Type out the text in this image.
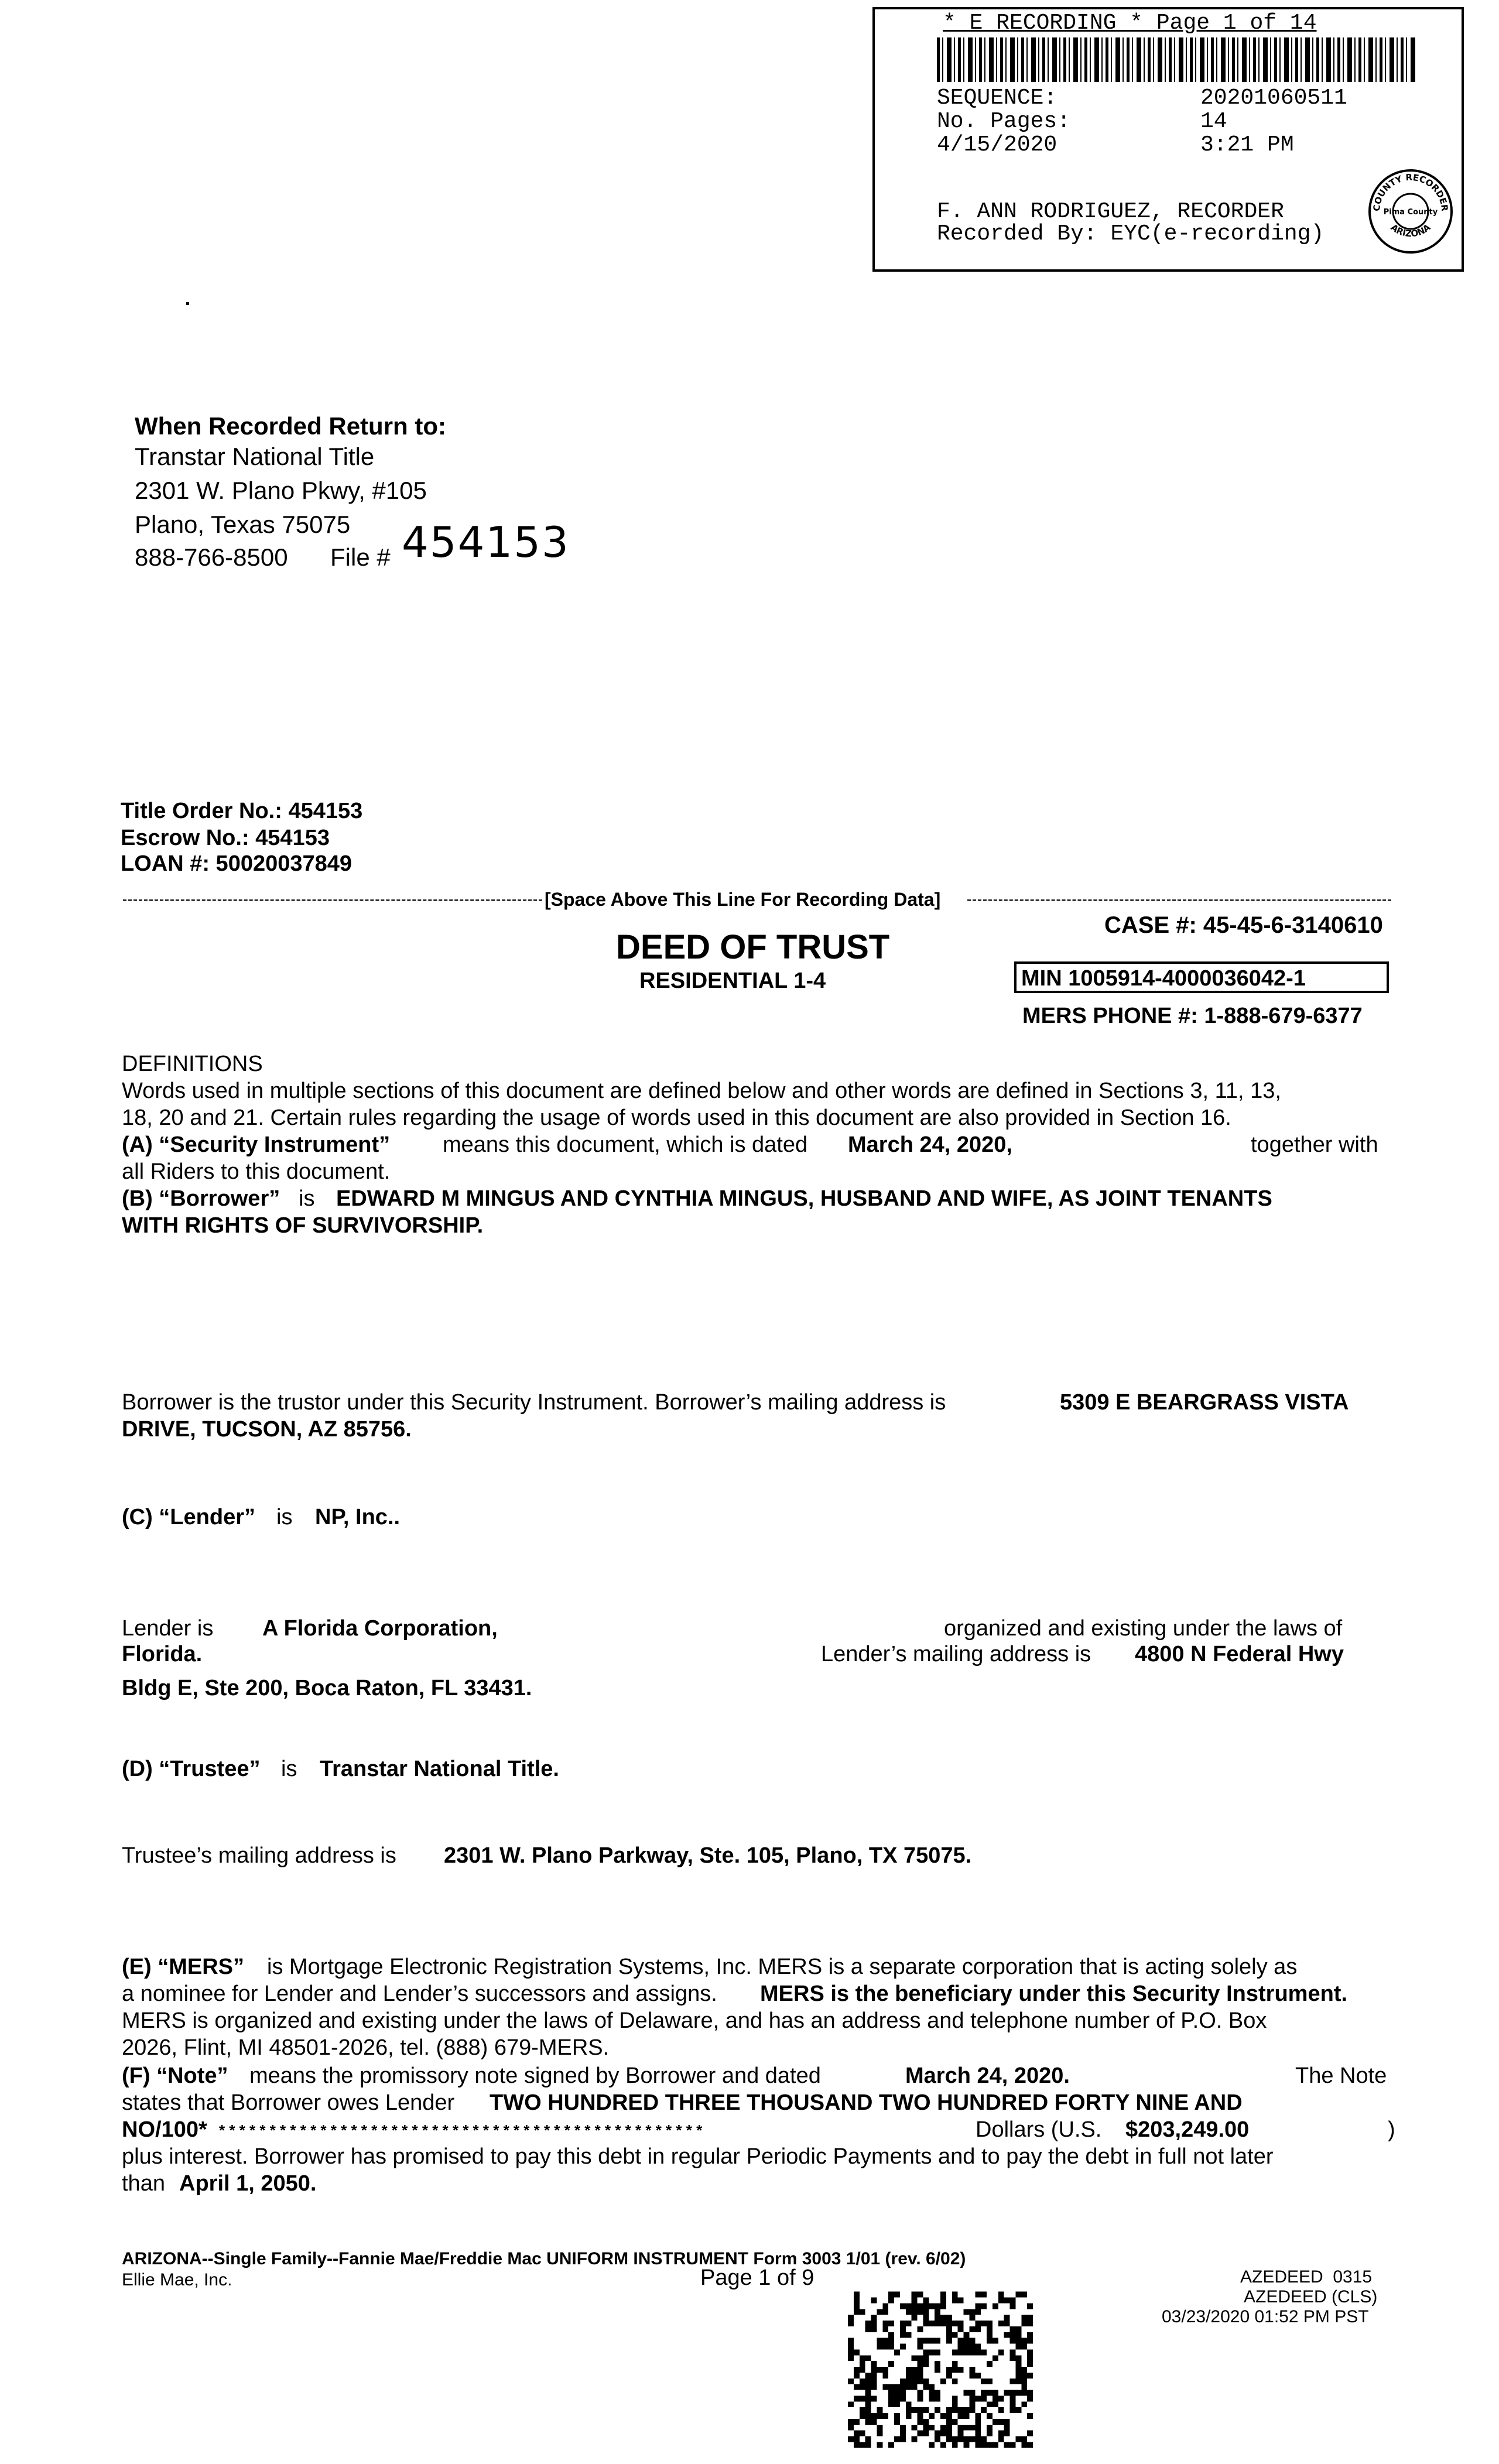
* E RECORDING * Page 1 of 14
SEQUENCE:	20201060511
No. Pages:	14
4/15/2020	3:21 PM
F. ANN RODRIGUEZ, RECORDER
Recorded By: EYC(e-recording)
COUNTY RECORDER
ARIZONA
Pima County
When Recorded Return to:
Transtar National Title
2301 W. Plano Pkwy, #105
Plano, Texas 75075
888-766-8500 File # 454153
Title Order No.: 454153
Escrow No.: 454153
LOAN #: 50020037849
[Space Above This Line For Recording Data]
DEED OF TRUST
RESIDENTIAL 1-4
CASE #: 45-45-6-3140610
MIN 1005914-4000036042-1
MERS PHONE #: 1-888-679-6377
DEFINITIONS
Words used in multiple sections of this document are defined below and other words are defined in Sections 3, 11, 13,
18, 20 and 21. Certain rules regarding the usage of words used in this document are also provided in Section 16.
(A) “Security Instrument” means this document, which is dated March 24, 2020,	together with
all Riders to this document.
(B) “Borrower” is EDWARD M MINGUS AND CYNTHIA MINGUS, HUSBAND AND WIFE, AS JOINT TENANTS
WITH RIGHTS OF SURVIVORSHIP.
Borrower is the trustor under this Security Instrument. Borrower’s mailing address is	5309 E BEARGRASS VISTA
DRIVE, TUCSON, AZ 85756.
(C) “Lender” is NP, Inc..
Lender is A Florida Corporation,	organized and existing under the laws of
Florida.	Lender’s mailing address is 4800 N Federal Hwy
Bldg E, Ste 200, Boca Raton, FL 33431.
(D) “Trustee” is Transtar National Title.
Trustee’s mailing address is 2301 W. Plano Parkway, Ste. 105, Plano, TX 75075.
(E) “MERS” is Mortgage Electronic Registration Systems, Inc. MERS is a separate corporation that is acting solely as
a nominee for Lender and Lender’s successors and assigns. MERS is the beneficiary under this Security Instrument.
MERS is organized and existing under the laws of Delaware, and has an address and telephone number of P.O. Box
2026, Flint, MI 48501-2026, tel. (888) 679-MERS.
(F) “Note” means the promissory note signed by Borrower and dated	March 24, 2020.	The Note
states that Borrower owes Lender TWO HUNDRED THREE THOUSAND TWO HUNDRED FORTY NINE AND
NO/100* * * * * * * * * * * * * * * * * * * * * * * * * * * * * * * * * * * * * * * * * * * * * * * * *	Dollars (U.S. $203,249.00	)
plus interest. Borrower has promised to pay this debt in regular Periodic Payments and to pay the debt in full not later
than April 1, 2050.
ARIZONA--Single Family--Fannie Mae/Freddie Mac UNIFORM INSTRUMENT Form 3003 1/01 (rev. 6/02)
Ellie Mae, Inc.	Page 1 of 9	AZEDEED  0315
AZEDEED (CLS)
03/23/2020 01:52 PM PST
